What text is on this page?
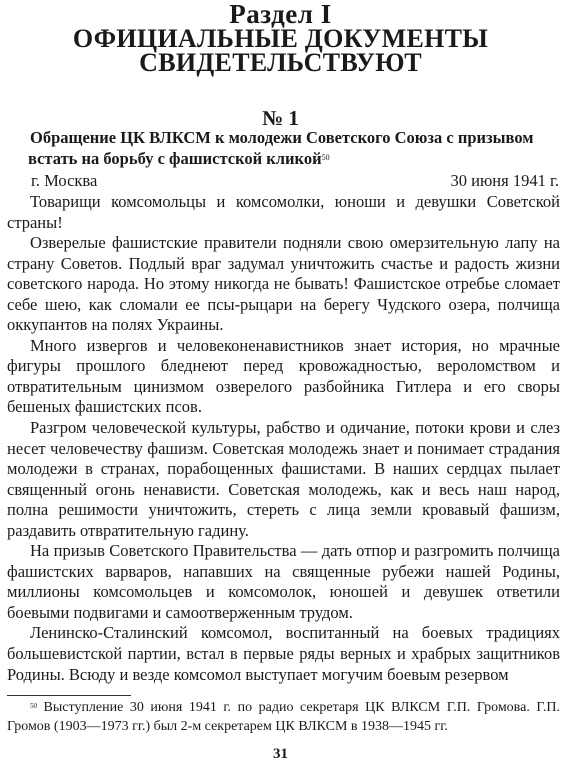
Раздел I
ОФИЦИАЛЬНЫЕ ДОКУМЕНТЫ
СВИДЕТЕЛЬСТВУЮТ
№ 1
Обращение ЦК ВЛКСМ к молодежи Советского Союза с призывом
встать на борьбу с фашистской кликой$^{50}$
г. Москва	30 июня 1941 г.

Товарищи комсомольцы и комсомолки, юноши и девушки Советской страны!

Озверелые фашистские правители подняли свою омерзительную лапу на страну Советов. Подлый враг задумал уничтожить счастье и радость жизни советского народа. Но этому никогда не бывать! Фашистское отребье сломает себе шею, как сломали ее псы-рыцари на берегу Чудского озера, полчища оккупантов на полях Украины.

Много извергов и человеконенавистников знает история, но мрачные фигуры прошлого бледнеют перед кровожадностью, вероломством и отвратительным цинизмом озверелого разбойника Гитлера и его своры бешеных фашистских псов.

Разгром человеческой культуры, рабство и одичание, потоки крови и слез несет человечеству фашизм. Советская молодежь знает и понимает страдания молодежи в странах, порабощенных фашистами. В наших сердцах пылает священный огонь ненависти. Советская молодежь, как и весь наш народ, полна решимости уничтожить, стереть с лица земли кровавый фашизм, раздавить отвратительную гадину.

На призыв Советского Правительства — дать отпор и разгромить полчища фашистских варваров, напавших на священные рубежи нашей Родины, миллионы комсомольцев и комсомолок, юношей и девушек ответили боевыми подвигами и самоотверженным трудом.

Ленинско-Сталинский комсомол, воспитанный на боевых традициях большевистской партии, встал в первые ряды верных и храбрых защитников Родины. Всюду и везде комсомол выступает могучим боевым резервом

$^{50}$ Выступление 30 июня 1941 г. по радио секретаря ЦК ВЛКСМ Г.П. Громова. Г.П. Громов (1903—1973 гг.) был 2-м секретарем ЦК ВЛКСМ в 1938—1945 гг.

31
